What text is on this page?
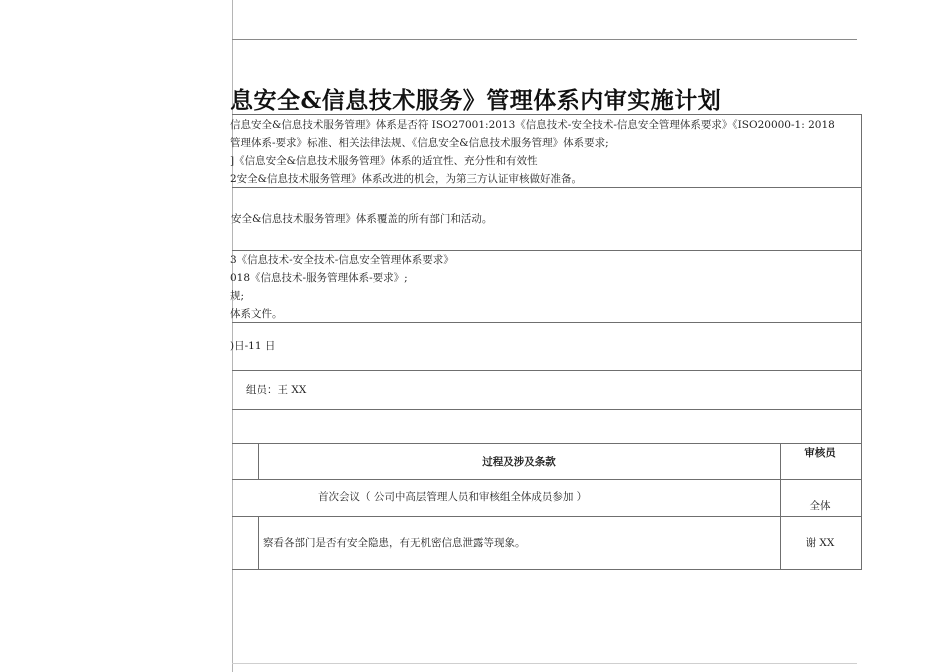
息安全&信息技术服务》管理体系内审实施计划
信息安全&信息技术服务管理》体系是否符 ISO27001:2013《信息技术-安全技术-信息安全管理体系要求》《ISO20000-1: 2018
管理体系-要求》标准、相关法律法规、《信息安全&信息技术服务管理》体系要求;
]《信息安全&信息技术服务管理》体系的适宜性、充分性和有效性
2安全&信息技术服务管理》体系改进的机会，为第三方认证审核做好准备。
安全&信息技术服务管理》体系覆盖的所有部门和活动。
3《信息技术-安全技术-信息安全管理体系要求》
018《信息技术-服务管理体系-要求》;
规;
体系文件。
)日-11 日
组员：王 XX
过程及涉及条款
审核员
首次会议（ 公司中高层管理人员和审核组全体成员参加 ）
全体
察看各部门是否有安全隐患，有无机密信息泄露等现象。	谢 XX
